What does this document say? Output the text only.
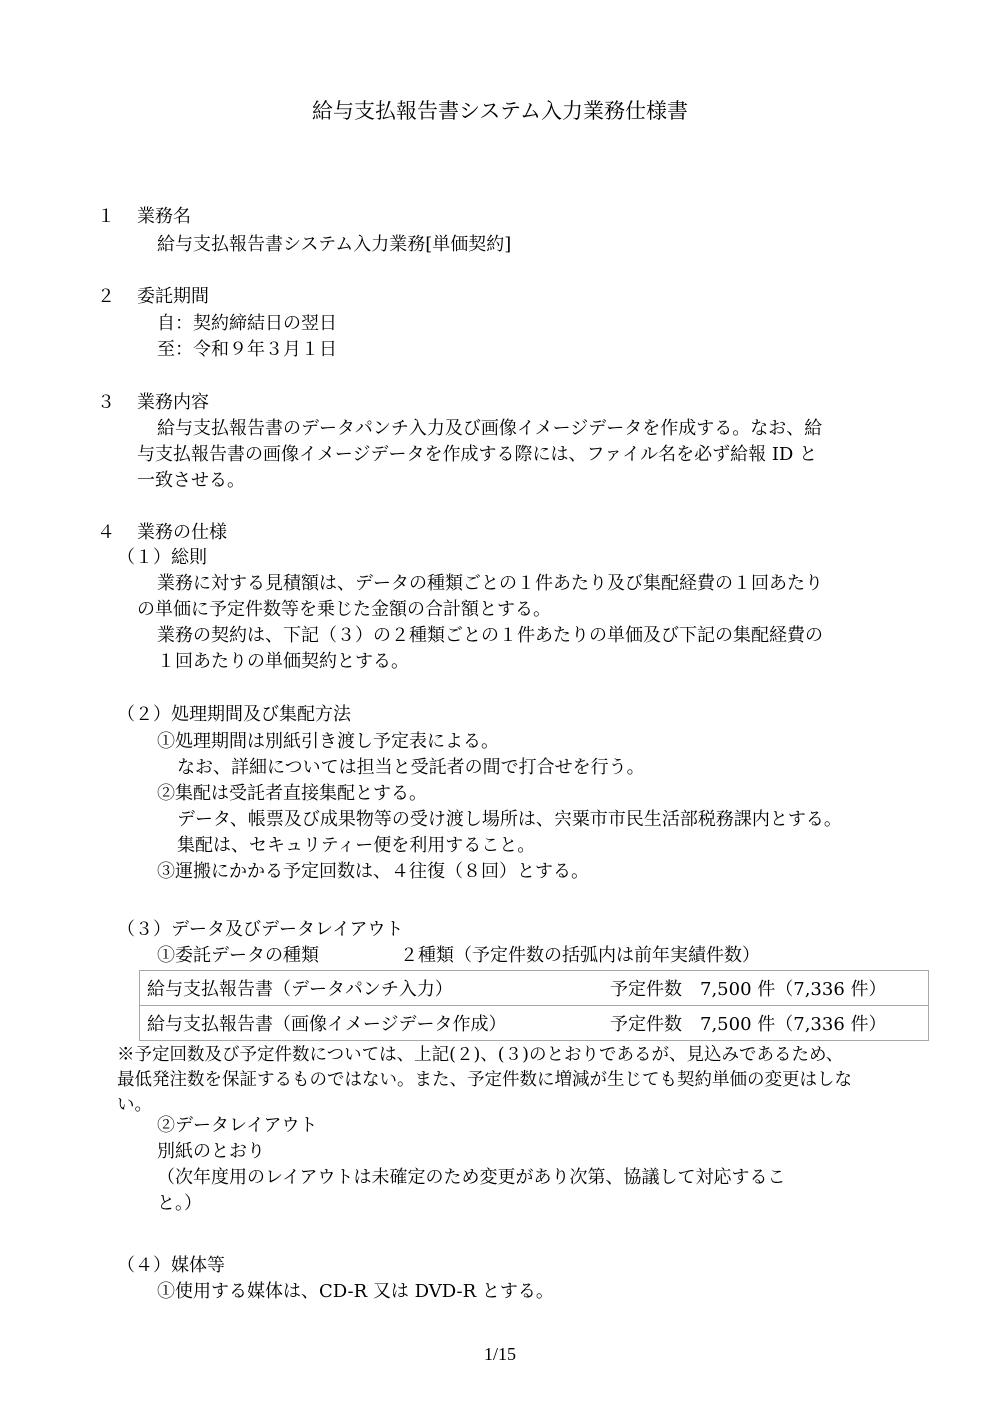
給与支払報告書システム入力業務仕様書
１ 業務名
給与支払報告書システム入力業務[単価契約]
２ 委託期間
自：契約締結日の翌日
至：令和９年３月１日
３ 業務内容
給与支払報告書のデータパンチ入力及び画像イメージデータを作成する。なお、給
与支払報告書の画像イメージデータを作成する際には、ファイル名を必ず給報 ID と
一致させる。
４ 業務の仕様
（１）総則
業務に対する見積額は、データの種類ごとの１件あたり及び集配経費の１回あたり
の単価に予定件数等を乗じた金額の合計額とする。
業務の契約は、下記（３）の２種類ごとの１件あたりの単価及び下記の集配経費の
１回あたりの単価契約とする。
（２）処理期間及び集配方法
①処理期間は別紙引き渡し予定表による。
なお、詳細については担当と受託者の間で打合せを行う。
②集配は受託者直接集配とする。
データ、帳票及び成果物等の受け渡し場所は、宍粟市市民生活部税務課内とする。
集配は、セキュリティー便を利用すること。
③運搬にかかる予定回数は、４往復（８回）とする。
（３）データ及びデータレイアウト
①委託データの種類	２種類（予定件数の括弧内は前年実績件数）
給与支払報告書（データパンチ入力）	予定件数　7,500 件（7,336 件）
給与支払報告書（画像イメージデータ作成）	予定件数　7,500 件（7,336 件）
※予定回数及び予定件数については、上記(２)、(３)のとおりであるが、見込みであるため、
最低発注数を保証するものではない。また、予定件数に増減が生じても契約単価の変更はしな
い。
②データレイアウト
別紙のとおり
（次年度用のレイアウトは未確定のため変更があり次第、協議して対応するこ
と。）
（４）媒体等
①使用する媒体は、CD-R 又は DVD-R とする。
1/15
